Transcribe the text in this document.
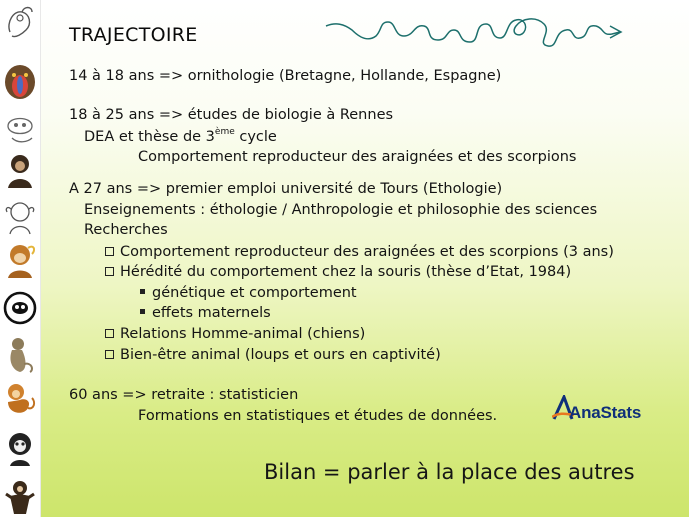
TRAJECTOIRE
14 à 18 ans => ornithologie (Bretagne, Hollande, Espagne)
18 à 25 ans => études de biologie à Rennes
DEA et thèse de 3ème cycle
Comportement reproducteur des araignées et des scorpions
A 27 ans => premier emploi université de Tours (Ethologie)
Enseignements : éthologie / Anthropologie et philosophie des sciences
Recherches
Comportement reproducteur des araignées et des scorpions (3 ans)
Hérédité du comportement chez la souris (thèse d’Etat, 1984)
génétique et comportement
effets maternels
Relations Homme-animal (chiens)
Bien-être animal (loups et ours en captivité)
60 ans => retraite : statisticien
Formations en statistiques et études de données.	AnaStats
Bilan = parler à la place des autres
